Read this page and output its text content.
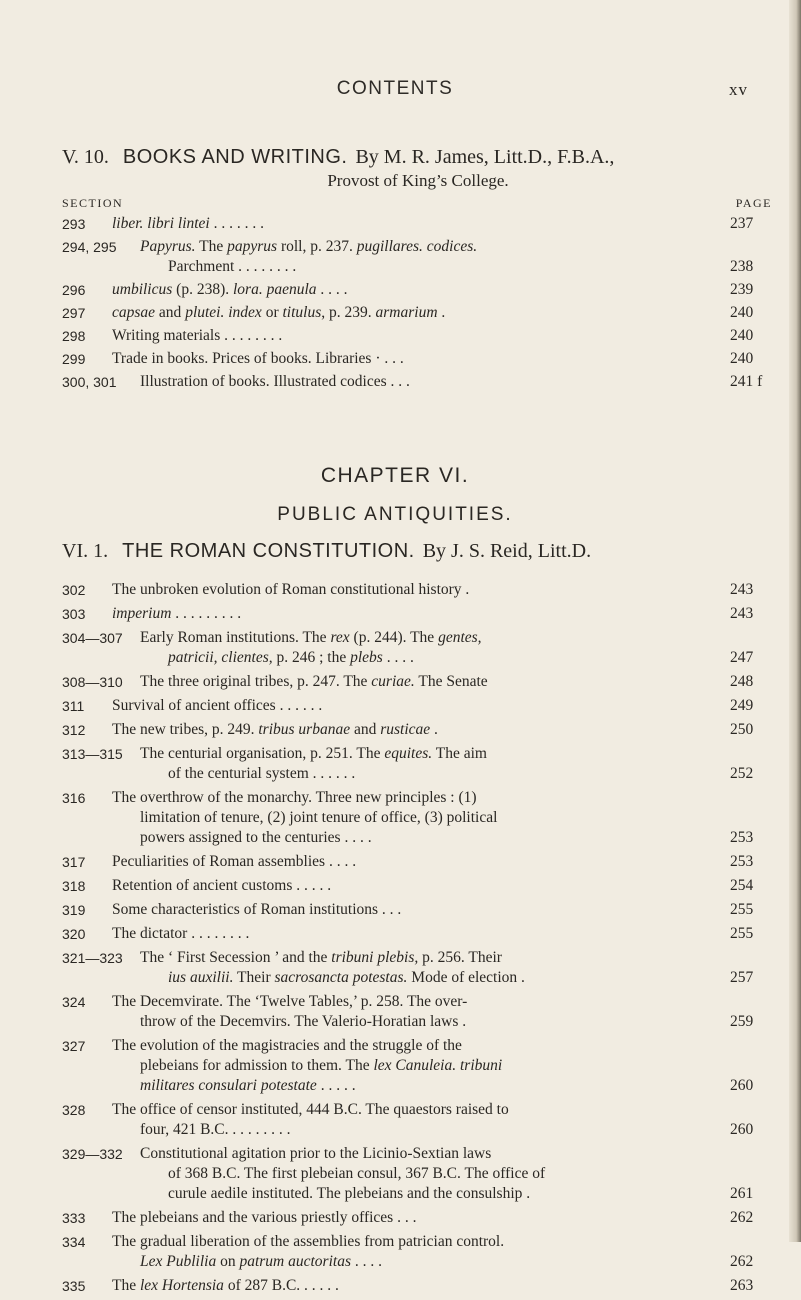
CONTENTS	xv
V. 10. BOOKS AND WRITING. By M. R. James, Litt.D., F.B.A.,
Provost of King’s College.
SECTION	PAGE
293	liber. libri lintei . . . . . . .	237
294, 295	Papyrus. The papyrus roll, p. 237. pugillares. codices.
Parchment . . . . . . . .	238
296	umbilicus (p. 238). lora. paenula . . . .	239
297	capsae and plutei. index or titulus, p. 239. armarium .	240
298	Writing materials . . . . . . . .	240
299	Trade in books. Prices of books. Libraries · . . .	240
300, 301	Illustration of books. Illustrated codices . . .	241 f
CHAPTER VI.
PUBLIC ANTIQUITIES.
VI. 1. THE ROMAN CONSTITUTION. By J. S. Reid, Litt.D.
302	The unbroken evolution of Roman constitutional history .	243
303	imperium . . . . . . . . .	243
304—307	Early Roman institutions. The rex (p. 244). The gentes,
patricii, clientes, p. 246 ; the plebs . . . .	247
308—310	The three original tribes, p. 247. The curiae. The Senate	248
311	Survival of ancient offices . . . . . .	249
312	The new tribes, p. 249. tribus urbanae and rusticae .	250
313—315	The centurial organisation, p. 251. The equites. The aim
of the centurial system . . . . . .	252
316	The overthrow of the monarchy. Three new principles : (1)
limitation of tenure, (2) joint tenure of office, (3) political
powers assigned to the centuries . . . .	253
317	Peculiarities of Roman assemblies . . . .	253
318	Retention of ancient customs . . . . .	254
319	Some characteristics of Roman institutions . . .	255
320	The dictator . . . . . . . .	255
321—323	The ‘ First Secession ’ and the tribuni plebis, p. 256. Their
ius auxilii. Their sacrosancta potestas. Mode of election .	257
324	The Decemvirate. The ‘Twelve Tables,’ p. 258. The over-
throw of the Decemvirs. The Valerio-Horatian laws .	259
327	The evolution of the magistracies and the struggle of the
plebeians for admission to them. The lex Canuleia. tribuni
militares consulari potestate . . . . .	260
328	The office of censor instituted, 444 B.C. The quaestors raised to
four, 421 B.C. . . . . . . . .	260
329—332	Constitutional agitation prior to the Licinio-Sextian laws
of 368 B.C. The first plebeian consul, 367 B.C. The office of
curule aedile instituted. The plebeians and the consulship .	261
333	The plebeians and the various priestly offices . . .	262
334	The gradual liberation of the assemblies from patrician control.
Lex Publilia on patrum auctoritas . . . .	262
335	The lex Hortensia of 287 B.C. . . . . .	263
